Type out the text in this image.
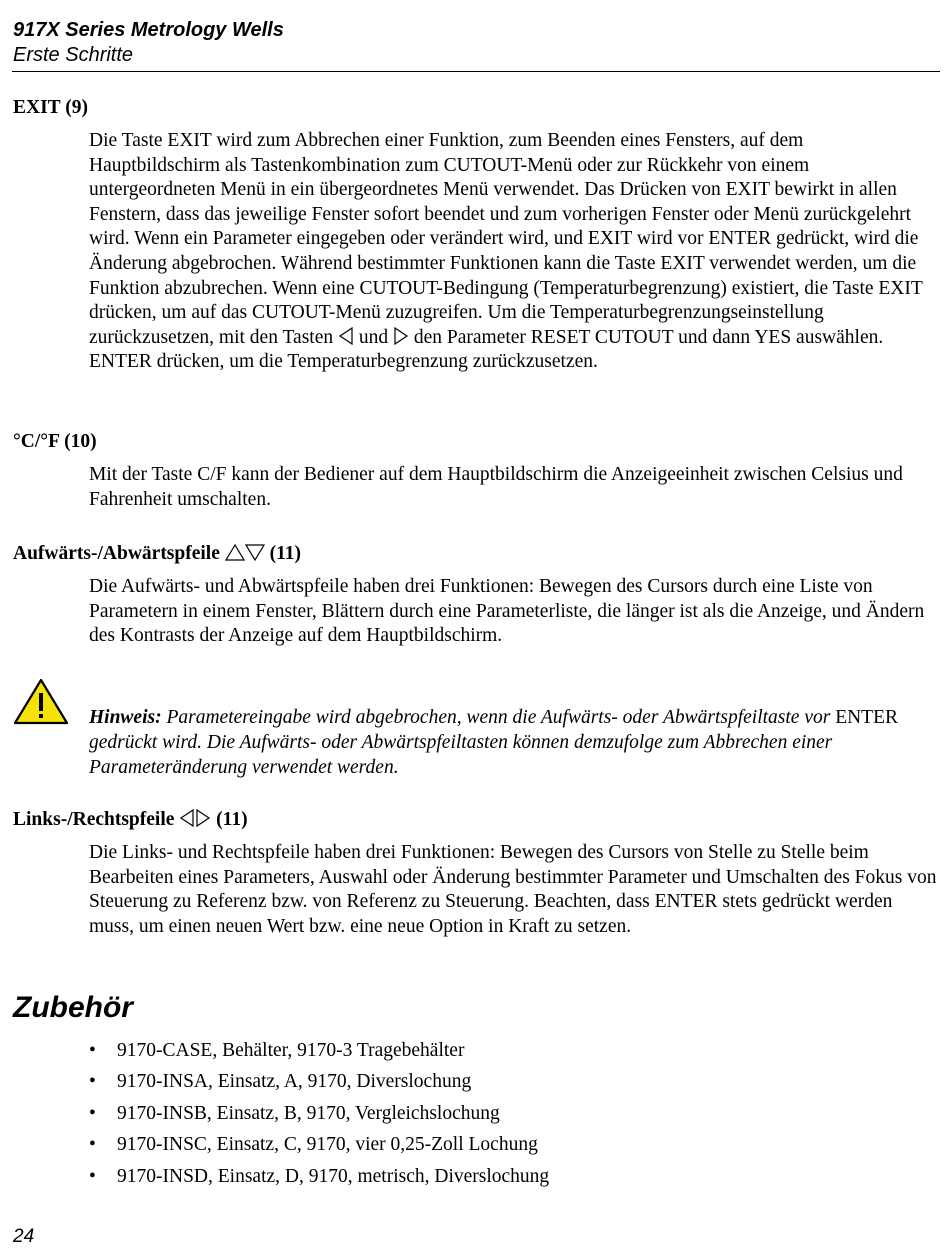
917X Series Metrology Wells
Erste Schritte
EXIT (9)

Die Taste EXIT wird zum Abbrechen einer Funktion, zum Beenden eines Fensters, auf dem Hauptbildschirm als Tastenkombination zum CUTOUT-Menü oder zur Rückkehr von einem untergeordneten Menü in ein übergeordnetes Menü verwendet. Das Drücken von EXIT bewirkt in allen Fenstern, dass das jeweilige Fenster sofort beendet und zum vorherigen Fenster oder Menü zurückgelehrt wird. Wenn ein Parameter eingegeben oder verändert wird, und EXIT wird vor ENTER gedrückt, wird die Änderung abgebrochen. Während bestimmter Funktionen kann die Taste EXIT verwendet werden, um die Funktion abzubrechen. Wenn eine CUTOUT-Bedingung (Temperaturbegrenzung) existiert, die Taste EXIT drücken, um auf das CUTOUT-Menü zuzugreifen. Um die Temperaturbegrenzungseinstellung zurückzusetzen, mit den Tasten und den Parameter RESET CUTOUT und dann YES auswählen. ENTER drücken, um die Temperaturbegrenzung zurückzusetzen.

°C/°F (10)

Mit der Taste C/F kann der Bediener auf dem Hauptbildschirm die Anzeigeeinheit zwischen Celsius und Fahrenheit umschalten.

Aufwärts-/Abwärtspfeile	(11)

Die Aufwärts- und Abwärtspfeile haben drei Funktionen: Bewegen des Cursors durch eine Liste von Parametern in einem Fenster, Blättern durch eine Parameterliste, die länger ist als die Anzeige, und Ändern des Kontrasts der Anzeige auf dem Hauptbildschirm.

Hinweis: Parametereingabe wird abgebrochen, wenn die Aufwärts- oder Abwärtspfeiltaste vor ENTER gedrückt wird. Die Aufwärts- oder Abwärtspfeiltasten können demzufolge zum Abbrechen einer Parameteränderung verwendet werden.

Links-/Rechtspfeile (11)

Die Links- und Rechtspfeile haben drei Funktionen: Bewegen des Cursors von Stelle zu Stelle beim Bearbeiten eines Parameters, Auswahl oder Änderung bestimmter Parameter und Umschalten des Fokus von Steuerung zu Referenz bzw. von Referenz zu Steuerung. Beachten, dass ENTER stets gedrückt werden muss, um einen neuen Wert bzw. eine neue Option in Kraft zu setzen.

Zubehör
• 9170-CASE, Behälter, 9170-3 Tragebehälter
• 9170-INSA, Einsatz, A, 9170, Diverslochung
• 9170-INSB, Einsatz, B, 9170, Vergleichslochung
• 9170-INSC, Einsatz, C, 9170, vier 0,25-Zoll Lochung
• 9170-INSD, Einsatz, D, 9170, metrisch, Diverslochung
24
